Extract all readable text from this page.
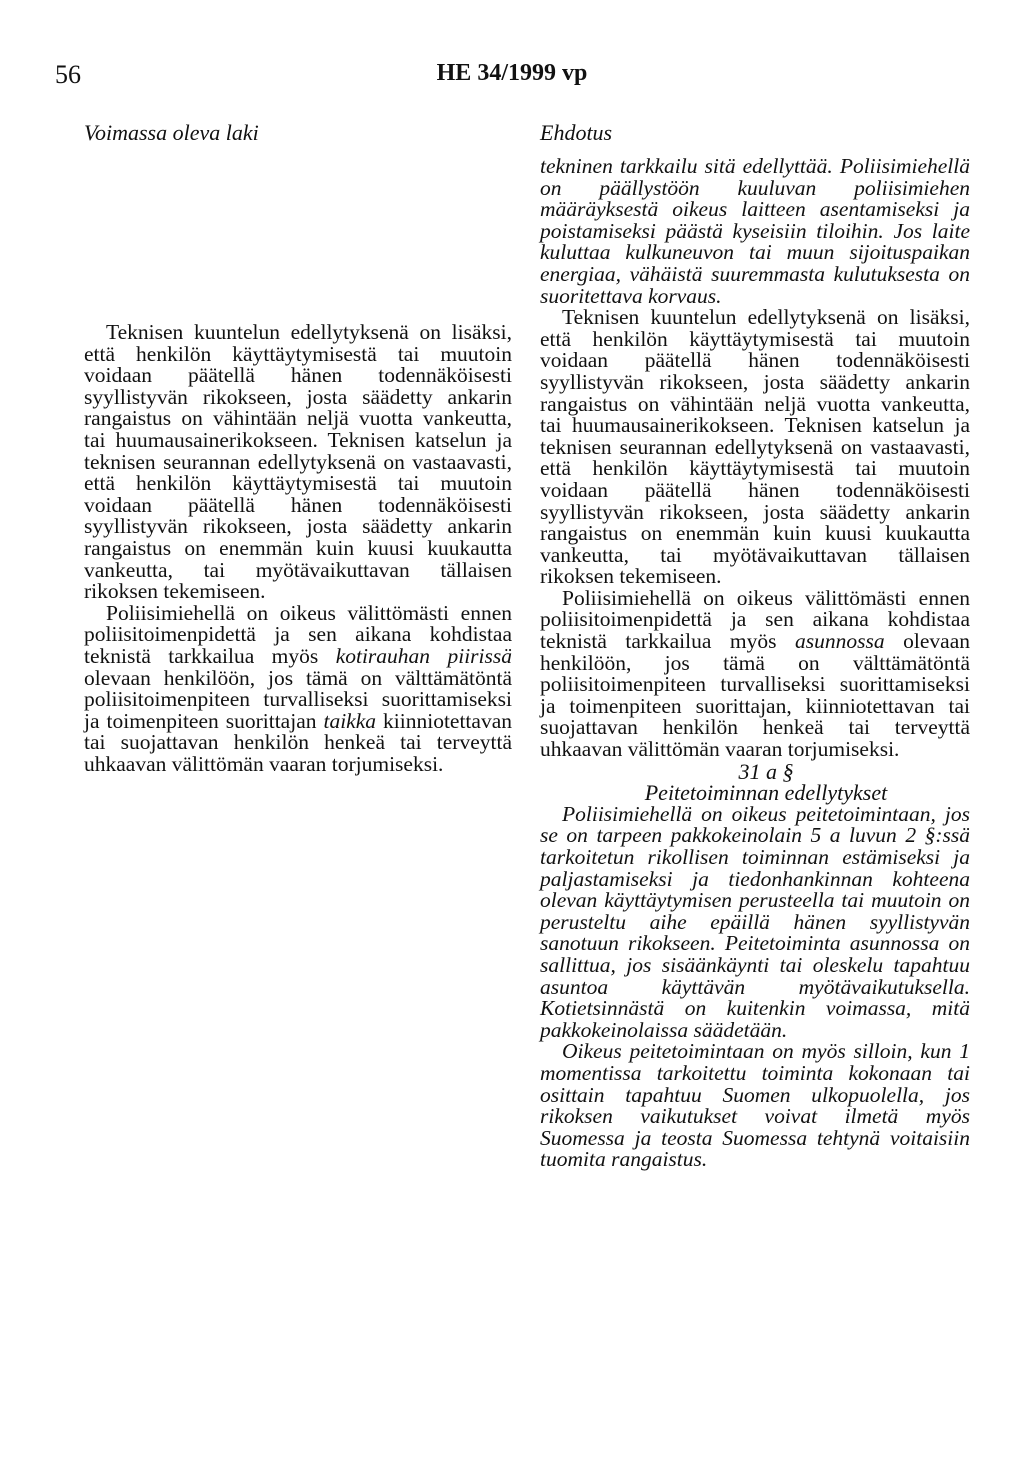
56	HE 34/1999 vp
Voimassa oleva laki	Ehdotus

Teknisen kuuntelun edellytyksenä on lisäksi, että henkilön käyttäytymisestä tai muutoin voidaan päätellä hänen todennäköisesti syyllistyvän rikokseen, josta säädetty ankarin rangaistus on vähintään neljä vuotta vankeutta, tai huumausainerikokseen. Teknisen katselun ja teknisen seurannan edellytyksenä on vastaavasti, että henkilön käyttäytymisestä tai muutoin voidaan päätellä hänen todennäköisesti syyllistyvän rikokseen, josta säädetty ankarin rangaistus on enemmän kuin kuusi kuukautta vankeutta, tai myötävaikuttavan tällaisen rikoksen tekemiseen.

Poliisimiehellä on oikeus välittömästi ennen poliisitoimenpidettä ja sen aikana kohdistaa teknistä tarkkailua myös kotirauhan piirissä olevaan henkilöön, jos tämä on välttämätöntä poliisitoimenpiteen turvalliseksi suorittamiseksi ja toimenpiteen suorittajan taikka kiinniotettavan tai suojattavan henkilön henkeä tai terveyttä uhkaavan välittömän vaaran torjumiseksi.

tekninen tarkkailu sitä edellyttää. Poliisimiehellä on päällystöön kuuluvan poliisimiehen määräyksestä oikeus laitteen asentamiseksi ja poistamiseksi päästä kyseisiin tiloihin. Jos laite kuluttaa kulkuneuvon tai muun sijoituspaikan energiaa, vähäistä suuremmasta kulutuksesta on suoritettava korvaus.

Teknisen kuuntelun edellytyksenä on lisäksi, että henkilön käyttäytymisestä tai muutoin voidaan päätellä hänen todennäköisesti syyllistyvän rikokseen, josta säädetty ankarin rangaistus on vähintään neljä vuotta vankeutta, tai huumausainerikokseen. Teknisen katselun ja teknisen seurannan edellytyksenä on vastaavasti, että henkilön käyttäytymisestä tai muutoin voidaan päätellä hänen todennäköisesti syyllistyvän rikokseen, josta säädetty ankarin rangaistus on enemmän kuin kuusi kuukautta vankeutta, tai myötävaikuttavan tällaisen rikoksen tekemiseen.

Poliisimiehellä on oikeus välittömästi ennen poliisitoimenpidettä ja sen aikana kohdistaa teknistä tarkkailua myös asunnossa olevaan henkilöön, jos tämä on välttämätöntä poliisitoimenpiteen turvalliseksi suorittamiseksi ja toimenpiteen suorittajan, kiinniotettavan tai suojattavan henkilön henkeä tai terveyttä uhkaavan välittömän vaaran torjumiseksi.

31 a §

Peitetoiminnan edellytykset

Poliisimiehellä on oikeus peitetoimintaan, jos se on tarpeen pakkokeinolain 5 a luvun 2 §:ssä tarkoitetun rikollisen toiminnan estämiseksi ja paljastamiseksi ja tiedonhankinnan kohteena olevan käyttäytymisen perusteella tai muutoin on perusteltu aihe epäillä hänen syyllistyvän sanotuun rikokseen. Peitetoiminta asunnossa on sallittua, jos sisäänkäynti tai oleskelu tapahtuu asuntoa käyttävän myötävaikutuksella. Kotietsinnästä on kuitenkin voimassa, mitä pakkokeinolaissa säädetään.

Oikeus peitetoimintaan on myös silloin, kun 1 momentissa tarkoitettu toiminta kokonaan tai osittain tapahtuu Suomen ulkopuolella, jos rikoksen vaikutukset voivat ilmetä myös Suomessa ja teosta Suomessa tehtynä voitaisiin tuomita rangaistus.
